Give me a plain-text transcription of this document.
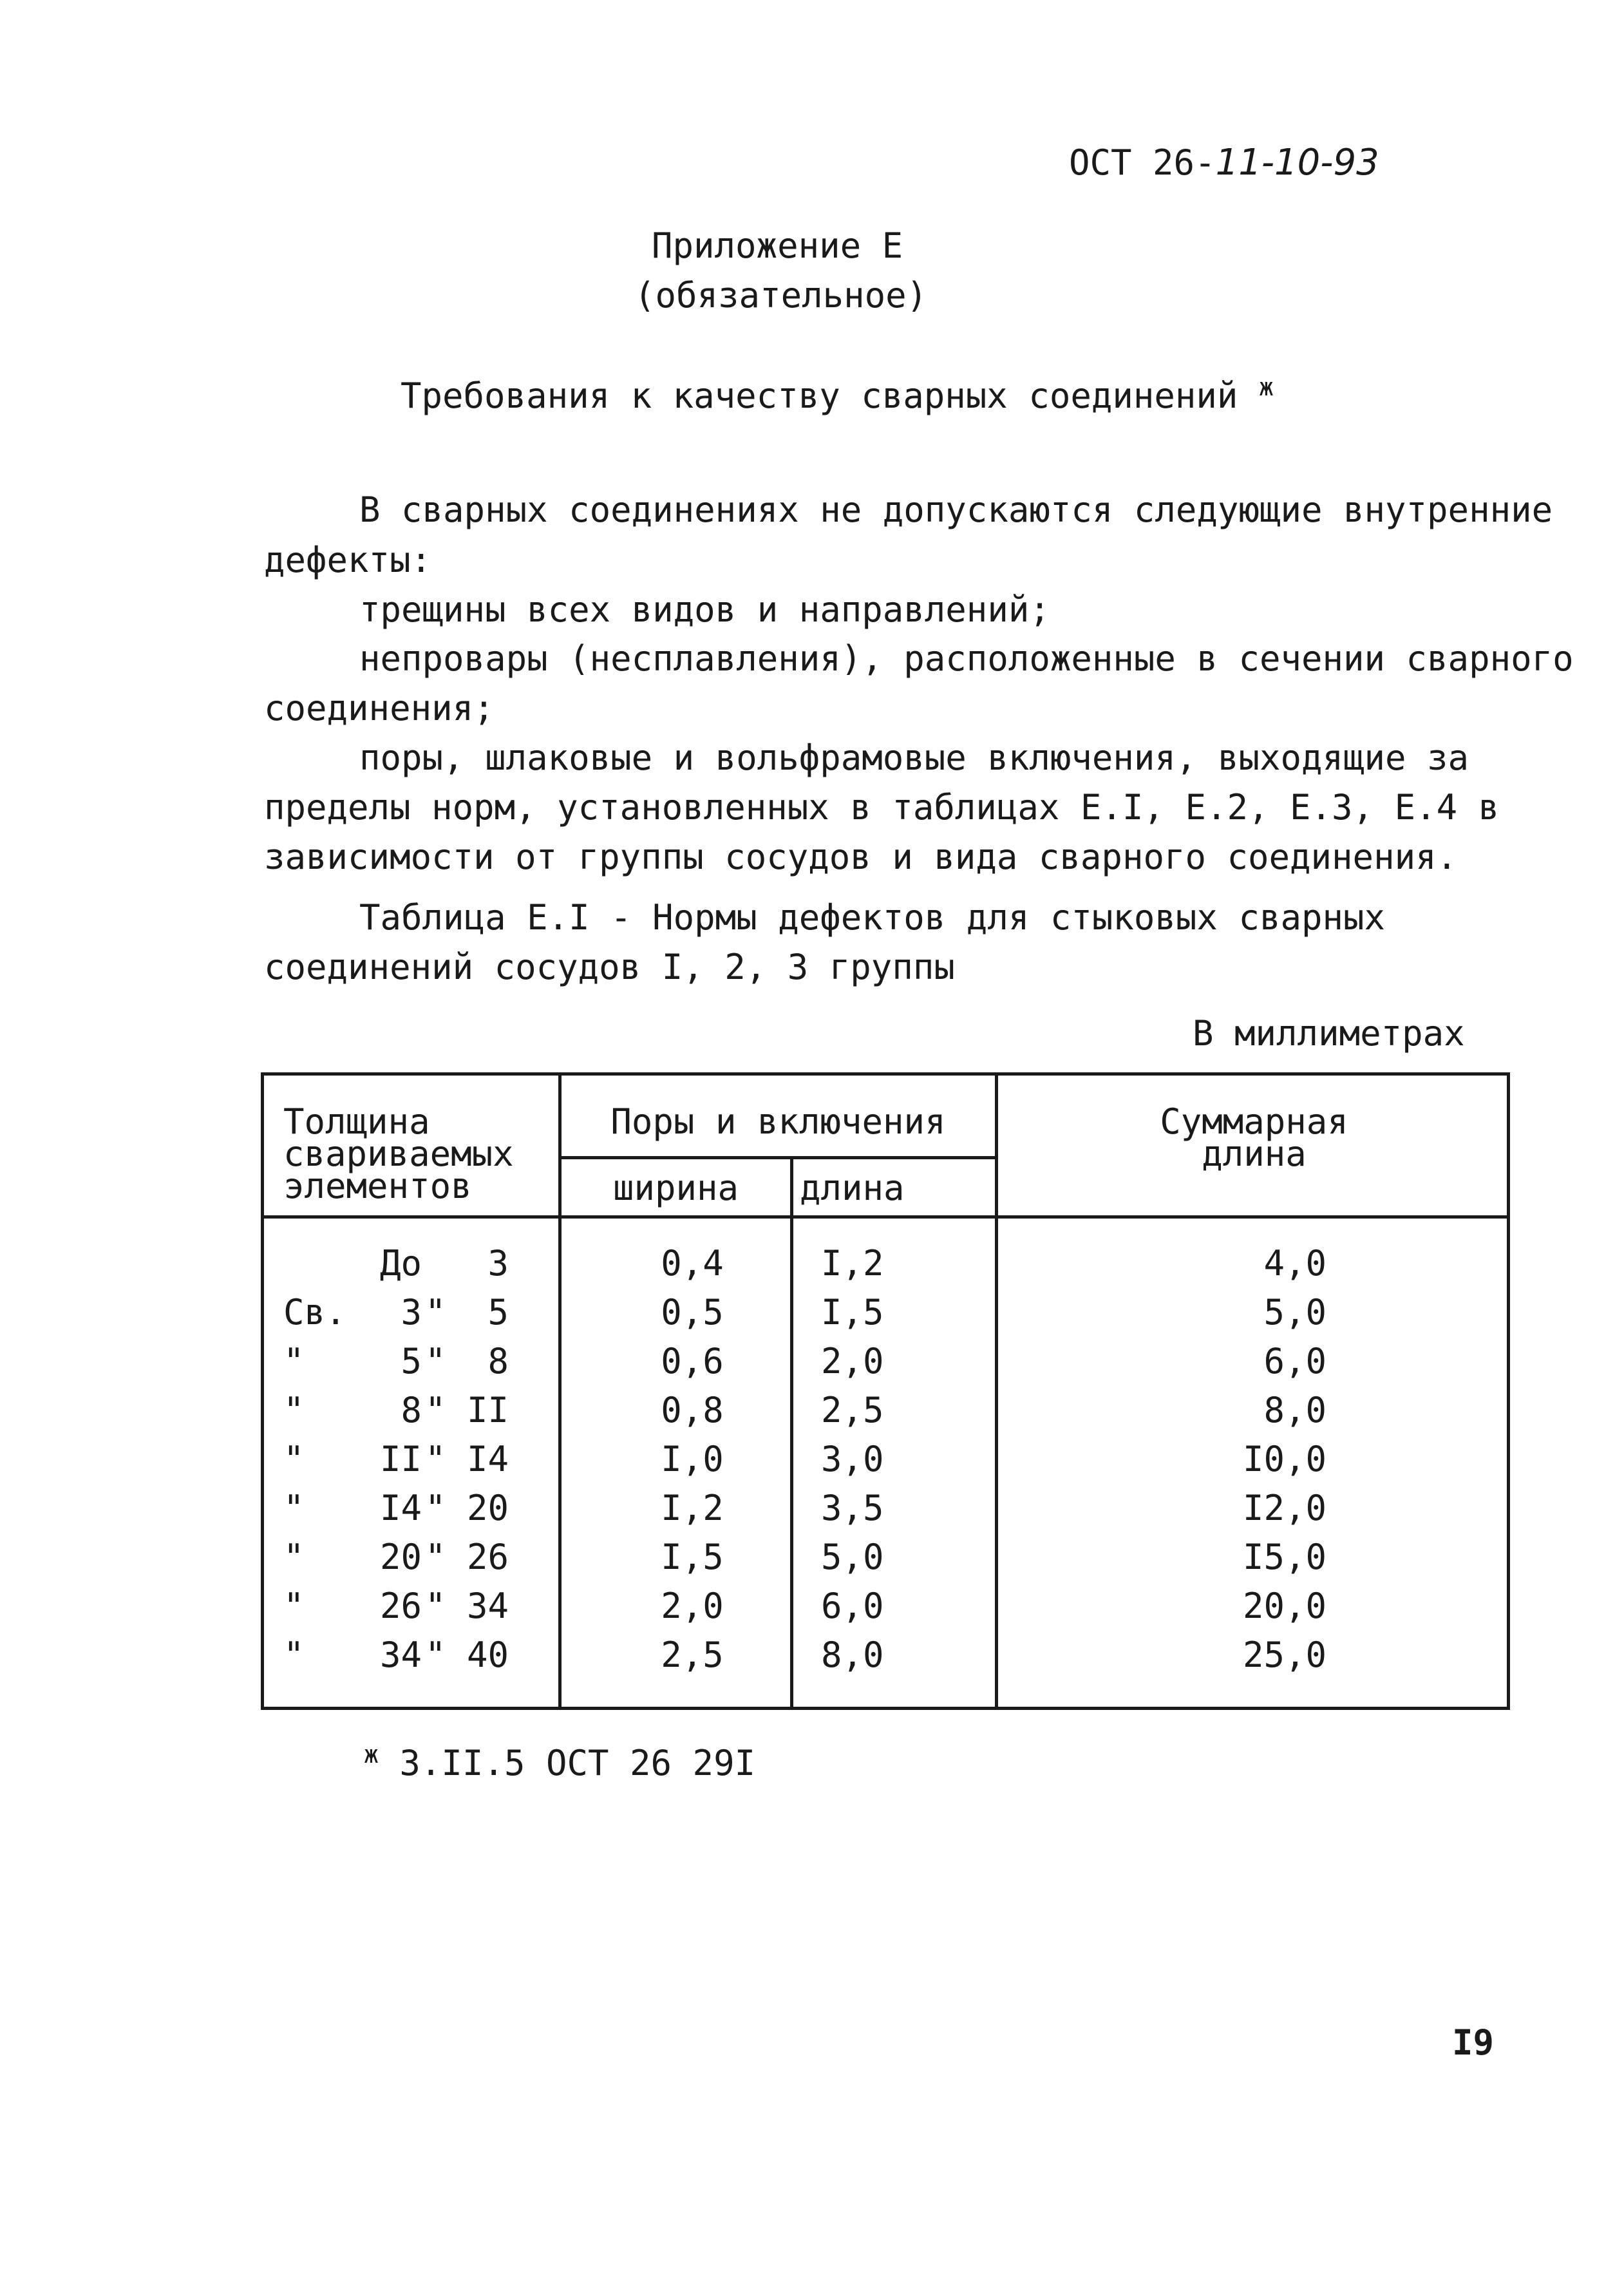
ОСТ 26-11-10-93
Приложение Е
(обязательное)
Требования к качеству сварных соединений $^ж$
В сварных соединениях не допускаются следующие внутренние
дефекты:
трещины всех видов и направлений;
непровары (несплавления), расположенные в сечении сварного
соединения;
поры, шлаковые и вольфрамовые включения, выходящие за
пределы норм, установленных в таблицах Е.I, Е.2, Е.3, Е.4 в
зависимости от группы сосудов и вида сварного соединения.
Таблица Е.I - Нормы дефектов для стыковых сварных
соединений сосудов I, 2, 3 группы
В миллиметрах
Толщина
свариваемых
элементов
Поры и включения
ширина	длина
Суммарная
длина
До	3	0,4	I,2	4,0
Св.	3 "	5	0,5	I,5	5,0
"	5 "	8	0,6	2,0	6,0
"	8 " II	0,8	2,5	8,0
"	II " I4	I,0	3,0	I0,0
"	I4 " 20	I,2	3,5	I2,0
"	20 " 26	I,5	5,0	I5,0
"	26 " 34	2,0	6,0	20,0
"	34 " 40	2,5	8,0	25,0
$^ж$ 3.II.5 ОСТ 26 29I
I9
